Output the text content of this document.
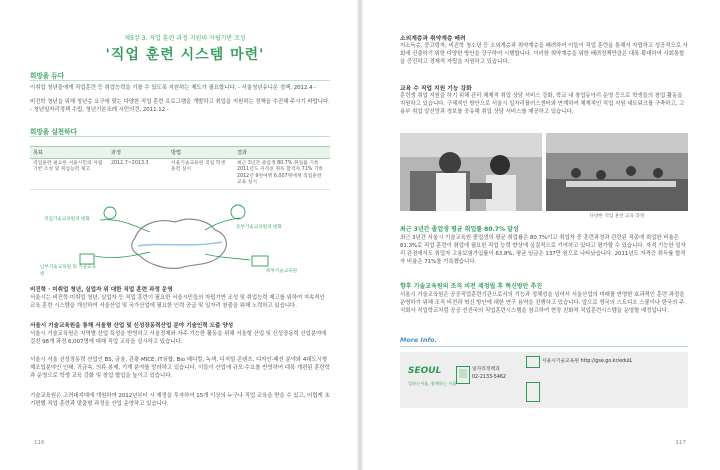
제5장 3. 직업 훈련 과정 지원의 자립기반 조성
'직업 훈련 시스템 마련'
희망을 듀다
이취업 청년들에게 직업훈련 등 취업능력을 기를 수 있도록 지원하는 제도가 필요합니다. - 서울청년유니온 정책, 2012.4 -
비진학 청년을 위해 청년층 요구에 맞는 다양한 직업 훈련 프로그램을 개발하고 취업을 지원하는 정책을 추진해 주시기 바랍니다. - 청년일자리정책 수립, 청년기본조례 시민의견, 2011.12 -
희망을 실천하다
목표	과정	방법	결과
직업훈련 필요한 서울시민의 자립기반 조성 및 취업능력 제고	2012.7~2013.3	서울기술교육원 직업 학생 훈련 실시	최근 3년간 졸업생 80.7% 취업률 기록 2011년도 자격증 취득 합격자 71% 기록 2012년 9천여명 6,007명에게 직업훈련 교육 실시
직업기술교육원의 변화
동부기술교육원의 변화
남부기술교육원 및 기술교육원
북부기술교육원
비진학 · 미취업 청년, 실업자 위 대한 직업 훈련 과정 운영
서울시는 비진학·미취업 청년, 실업자 등 직업 훈련이 필요한 서울시민들의 자립기반 조성 및 취업능력 제고를 위하여 지속적인 교육 훈련 시스템을 개선하여 서울산업 및 국가산업에 필요한 인력 공급 및 일자리 창출을 위해 노력하고 있습니다.
서울시 기술교육원을 통해 서울형 산업 및 신성장동력산업 분야 기술인력 도출 양성
서울시 기술교육원은 지역별 산업 특성을 반영하고 서울경제와 자주 기능한 활동을 위해 서울형 산업 및 신성장동력 산업분야에 걸친 98개 과정 6,007명에 대해 직업 교육을 실시하고 있습니다.
서울시 서울 신성장동력 산업인 BS, 금융, 관광·MICE, IT융합, Bio 메디컬, 녹색, 디지털 콘텐츠, 디자인·패션 분야와 4대도시형 제조업분야인 인쇄, 귀금속, 의류·봉제, 기계 분야를 망라하고 있습니다. 이들이 산업에 규모·수요를 반영하여 대폭 개편된 훈련학과 운영으로 학생 교육 강화 및 창업 협업을 높이고 있습니다.
기술교육원은 고려대지대에 개원하여 2012년부터 시 재정을 투자하여 15개 이상의 누구나 직업 교육을 받을 수 있고, 어렵게 초기편했 직업 훈련과 맞춤형 과정을 산업 운영하고 있습니다.
116
소외계층과 취약계층 배려
저소득층, 중고령자, 비진학 청소년 등 소외계층과 취약계층을 배려하여 이들이 직업 훈련을 통해서 자립하고 성공적으로 사회에 진출하기 위한 다양한 방안을 강구하여 시행합니다. 이러한 취약계층을 위한 배려정책만큼은 대폭 확대하여 사회통합을 증진하고 경제적 자립을 지원하고 있습니다.
교육 수 직업 지원 기능 강화
훈련생 취업 지원을 하기 위해 관리 체제적 취업 상담 서비스 강화, 학교 내 창업동아리 운영 등으로 학생들의 창업 활동을 지원하고 있습니다. 구체적인 방안으로 서울시 일자리플러스센터와 연계하여 체계적인 직업 지원 네트워크를 구축하고, 고용부 취업 알선망과 정보를 공유해 취업 상담 서비스를 제공하고 있습니다.
다양한 직업 훈련 교육 과정
최근 3년간 졸업생 평균 취업률 80.7% 달성
최근 3년간 서울시 기술교육원 졸업생의 평균 취업률은 80.7%이고 취업자 중 훈련과정과 관련된 직종에 취업한 비율은 81.3%로 직업 훈련이 취업에 필요한 직업 능력 향상에 실질적으로 기여하고 있다고 평가할 수 있습니다. 자격 기능한 일자리 관점에서도 취업자 고용보험가입률이 63.8%, 평균 임금은 137만 원으로 나타났습니다. 2011년도 자격증 취득률 합격자 비율은 71%를 기록했습니다.
향후 기술교육원의 조직 비전 재정립 후 혁신방안 추진
서울시 기술교육원은 공공직업훈련기관으로서의 기능과 정체성을 넘어서 서울산업의 미래를 반영한 효과적인 훈련 과정을 운영하기 위해 조직 비전과 혁신 방안에 대한 연구 용역을 진행하고 있습니다. 앞으로 영국의 스트디오 스쿨이나 한국의 주식회사 직업학교처럼 공공 선진국의 직업훈련시스템을 참고하여 현장 친화적 직업훈련시스템을 운영할 예정입니다.
More Info.
SEOUL
일하는서울, 함께하는 서울
일자리정책과
02-2133-5462
서울시기술교육원 http://gse.go.kr/eduIL
117
